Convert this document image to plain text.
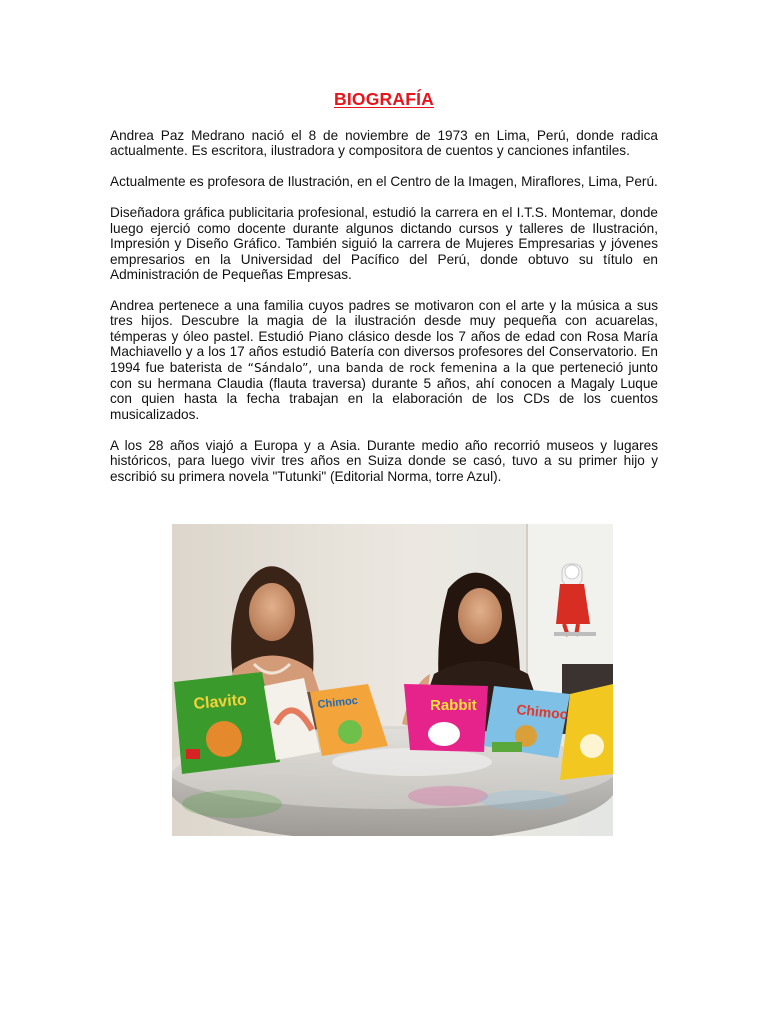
BIOGRAFÍA

Andrea Paz Medrano nació el 8 de noviembre de 1973 en Lima, Perú, donde radica actualmente. Es escritora, ilustradora y compositora de cuentos y canciones infantiles.

Actualmente es profesora de Ilustración, en el Centro de la Imagen, Miraflores, Lima, Perú.

Diseñadora gráfica publicitaria profesional, estudió la carrera en el I.T.S. Montemar, donde luego ejerció como docente durante algunos dictando cursos y talleres de Ilustración, Impresión y Diseño Gráfico. También siguió la carrera de Mujeres Empresarias y jóvenes empresarios en la Universidad del Pacífico del Perú, donde obtuvo su título en Administración de Pequeñas Empresas.

Andrea pertenece a una familia cuyos padres se motivaron con el arte y la música a sus tres hijos. Descubre la magia de la ilustración desde muy pequeña con acuarelas, témperas y óleo pastel. Estudió Piano clásico desde los 7 años de edad con Rosa María Machiavello y a los 17 años estudió Batería con diversos profesores del Conservatorio. En 1994 fue baterista de “Sándalo”, una banda de rock femenina a la que perteneció junto con su hermana Claudia (flauta traversa) durante 5 años, ahí conocen a Magaly Luque con quien hasta la fecha trabajan en la elaboración de los CDs de los cuentos musicalizados.

A los 28 años viajó a Europa y a Asia. Durante medio año recorrió museos y lugares históricos, para luego vivir tres años en Suiza donde se casó, tuvo a su primer hijo y escribió su primera novela "Tutunki" (Editorial Norma, torre Azul).

Clavito	Chimoc	Rabbit	Chimoc
